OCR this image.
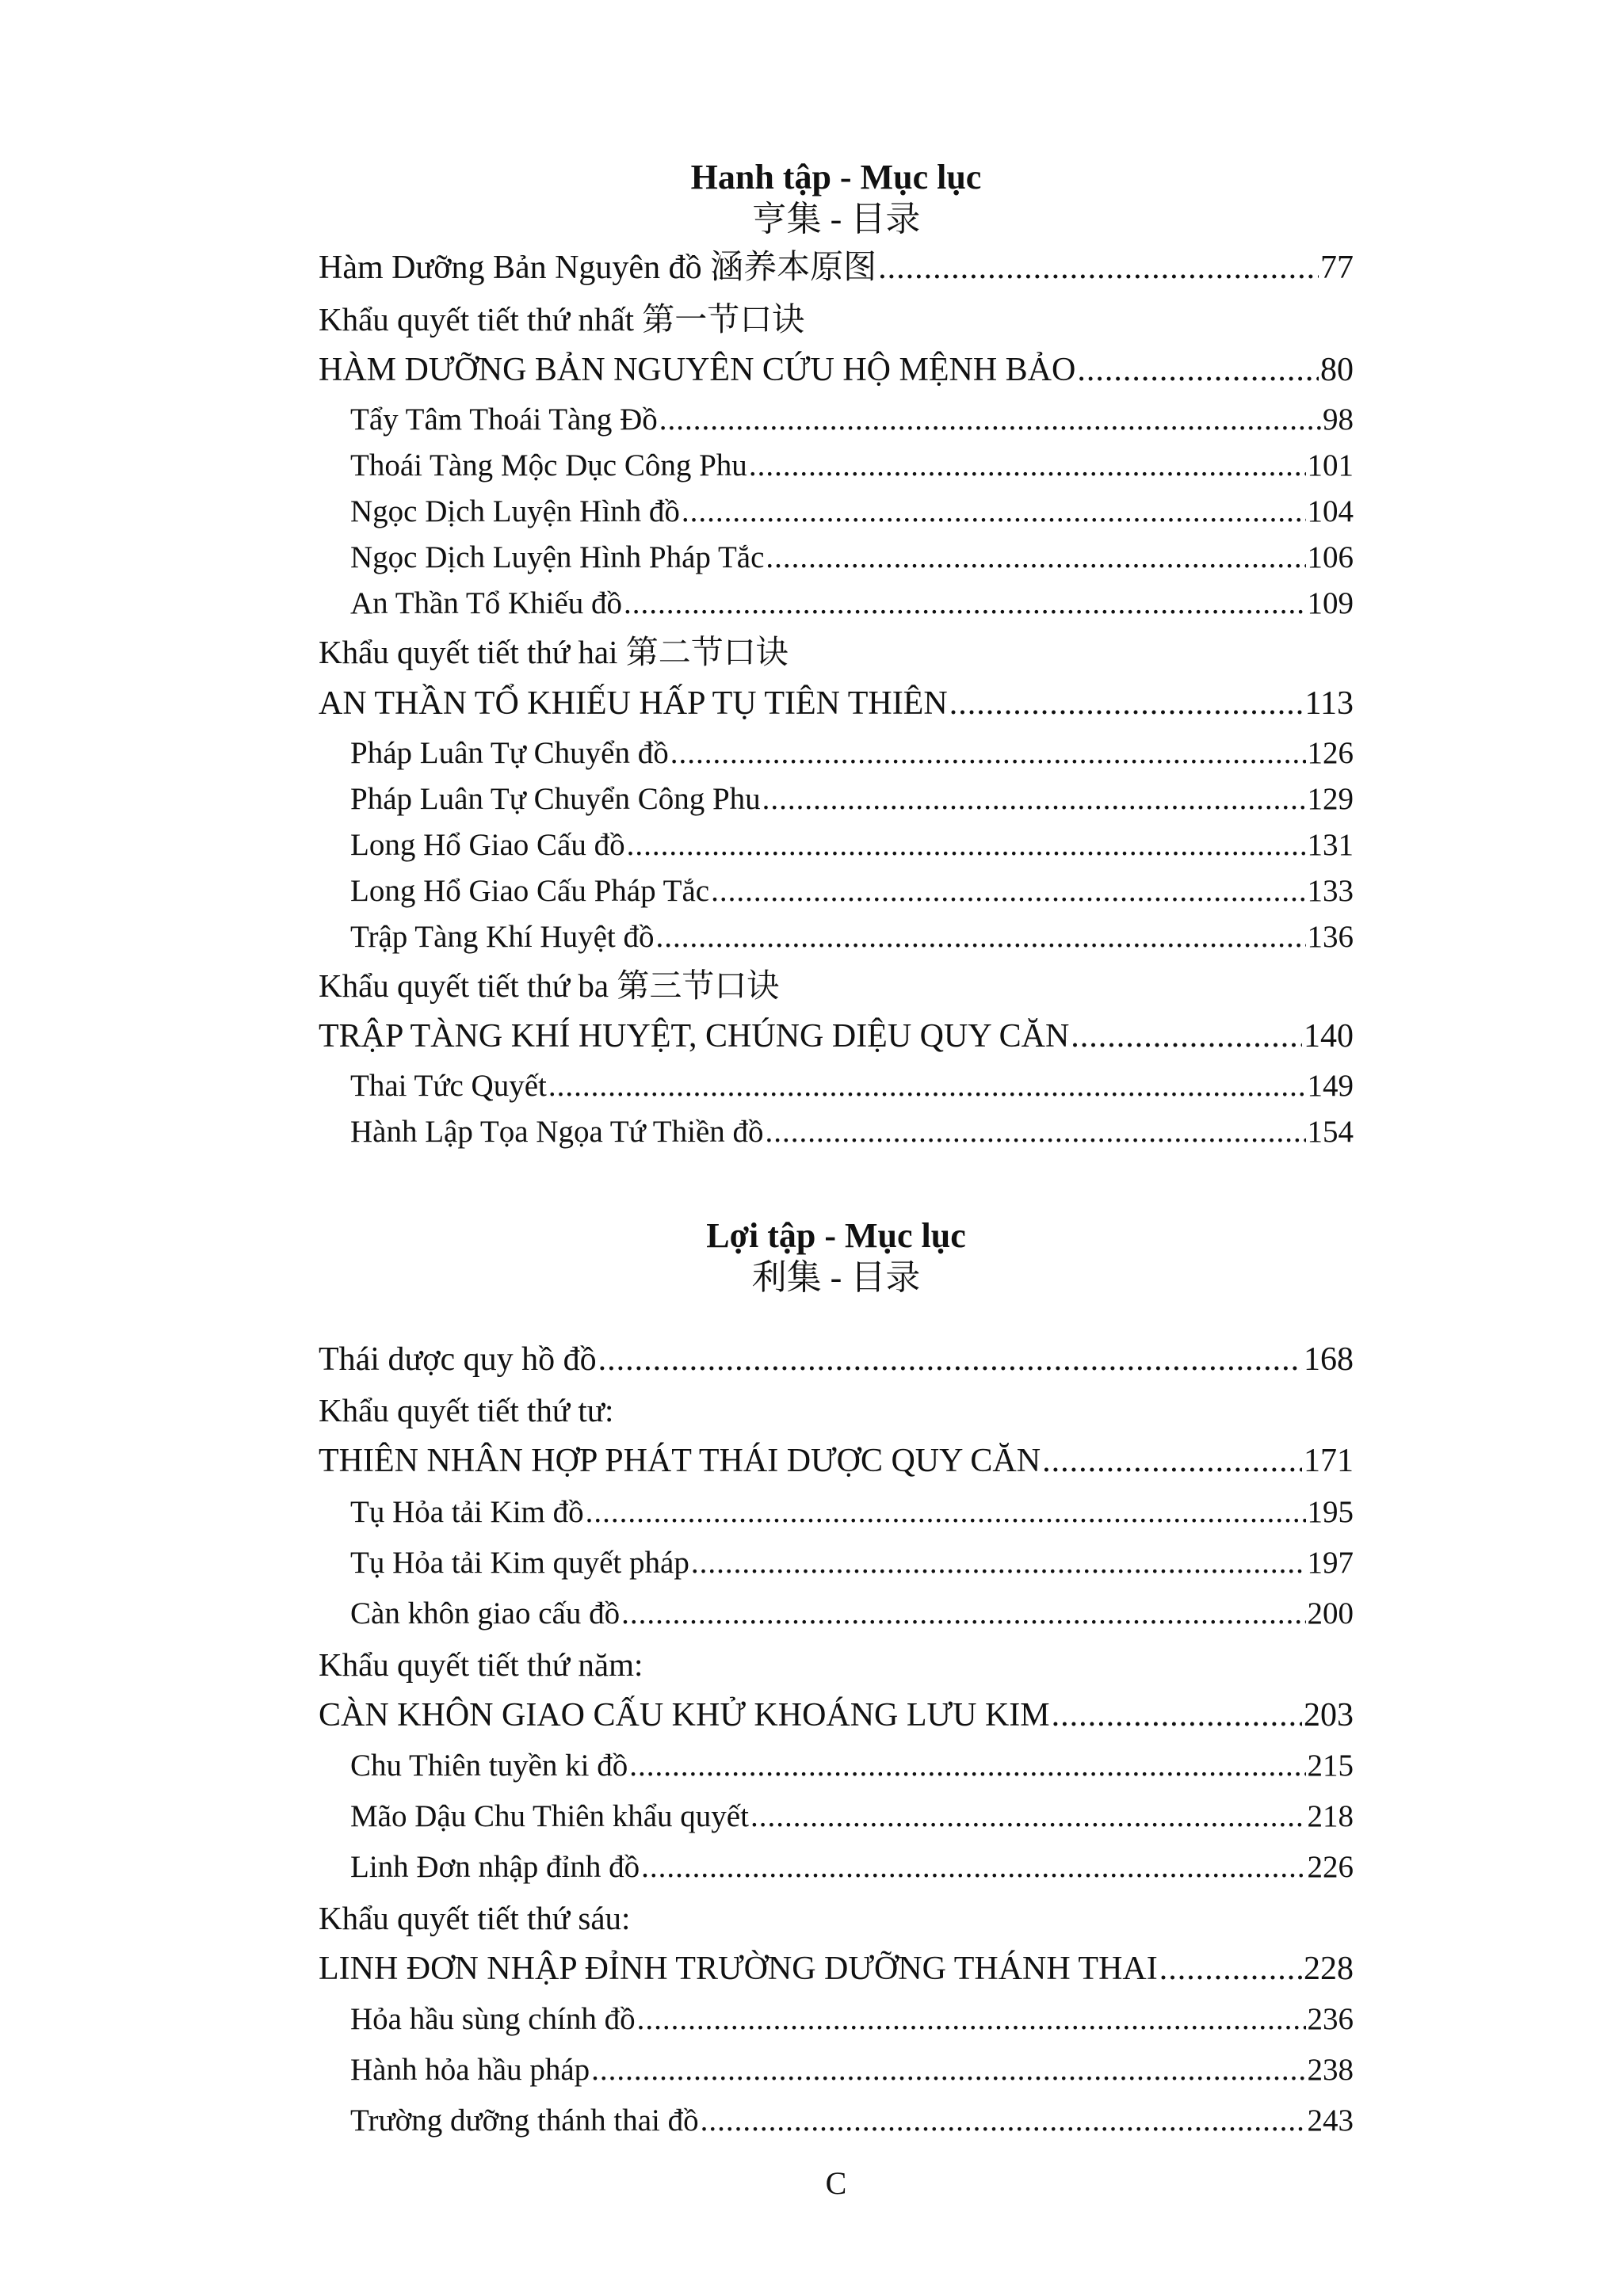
Hanh tập - Mục lục
亨集 - 目录
Hàm Dưỡng Bản Nguyên đồ 涵养本原图 .....	77
Khẩu quyết tiết thứ nhất 第一节口诀
HÀM DƯỠNG BẢN NGUYÊN CỨU HỘ MỆNH BẢO .....	80
Tẩy Tâm Thoái Tàng Đồ .....	98
Thoái Tàng Mộc Dục Công Phu .....	101
Ngọc Dịch Luyện Hình đồ .....	104
Ngọc Dịch Luyện Hình Pháp Tắc .....	106
An Thần Tổ Khiếu đồ .....	109
Khẩu quyết tiết thứ hai 第二节口诀
AN THẦN TỔ KHIẾU HẤP TỤ TIÊN THIÊN .....	113
Pháp Luân Tự Chuyển đồ .....	126
Pháp Luân Tự Chuyển Công Phu .....	129
Long Hổ Giao Cấu đồ .....	131
Long Hổ Giao Cấu Pháp Tắc .....	133
Trập Tàng Khí Huyệt đồ .....	136
Khẩu quyết tiết thứ ba 第三节口诀
TRẬP TÀNG KHÍ HUYỆT, CHÚNG DIỆU QUY CĂN .....	140
Thai Tức Quyết .....	149
Hành Lập Tọa Ngọa Tứ Thiền đồ .....	154
Lợi tập - Mục lục
利集 - 目录
Thái dược quy hồ đồ .....	168
Khẩu quyết tiết thứ tư:
THIÊN NHÂN HỢP PHÁT THÁI DƯỢC QUY CĂN .....	171
Tụ Hỏa tải Kim đồ .....	195
Tụ Hỏa tải Kim quyết pháp .....	197
Càn khôn giao cấu đồ .....	200
Khẩu quyết tiết thứ năm:
CÀN KHÔN GIAO CẤU KHỬ KHOÁNG LƯU KIM .....	203
Chu Thiên tuyền ki đồ .....	215
Mão Dậu Chu Thiên khẩu quyết .....	218
Linh Đơn nhập đỉnh đồ .....	226
Khẩu quyết tiết thứ sáu:
LINH ĐƠN NHẬP ĐỈNH TRƯỜNG DƯỠNG THÁNH THAI .....	228
Hỏa hầu sùng chính đồ .....	236
Hành hỏa hầu pháp .....	238
Trường dưỡng thánh thai đồ .....	243
C
